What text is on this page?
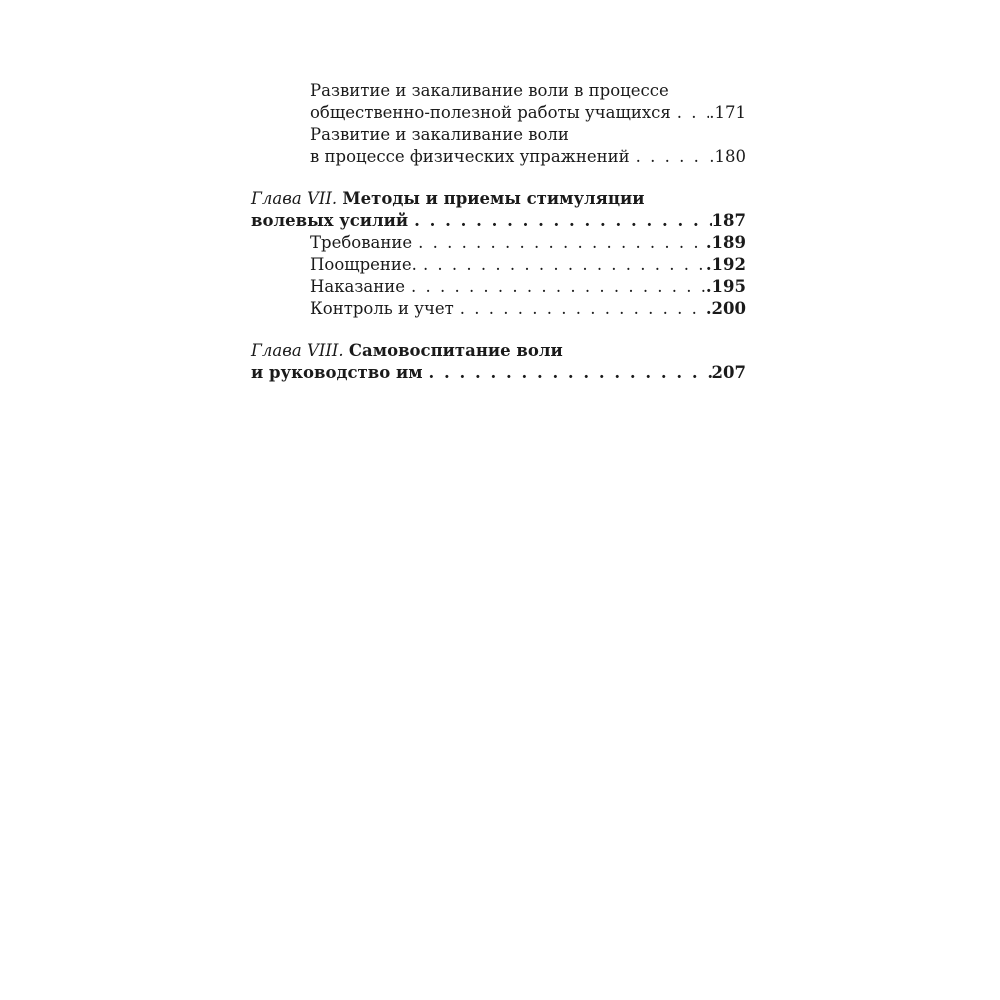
Развитие и закаливание воли в процессе
общественно-полезной работы учащихся . . . .171
Развитие и закаливание воли
в процессе физических упражнений . . .	.180
Глава VII.
Методы и приемы стимуляции
волевых усилий . . .	187
Требование . . .	.189
Поощрение. . . .	.192
Наказание . . .	.195
Контроль и учет . . .	.200
Глава VIII.
Самовоспитание воли
и руководство им . . .	207
